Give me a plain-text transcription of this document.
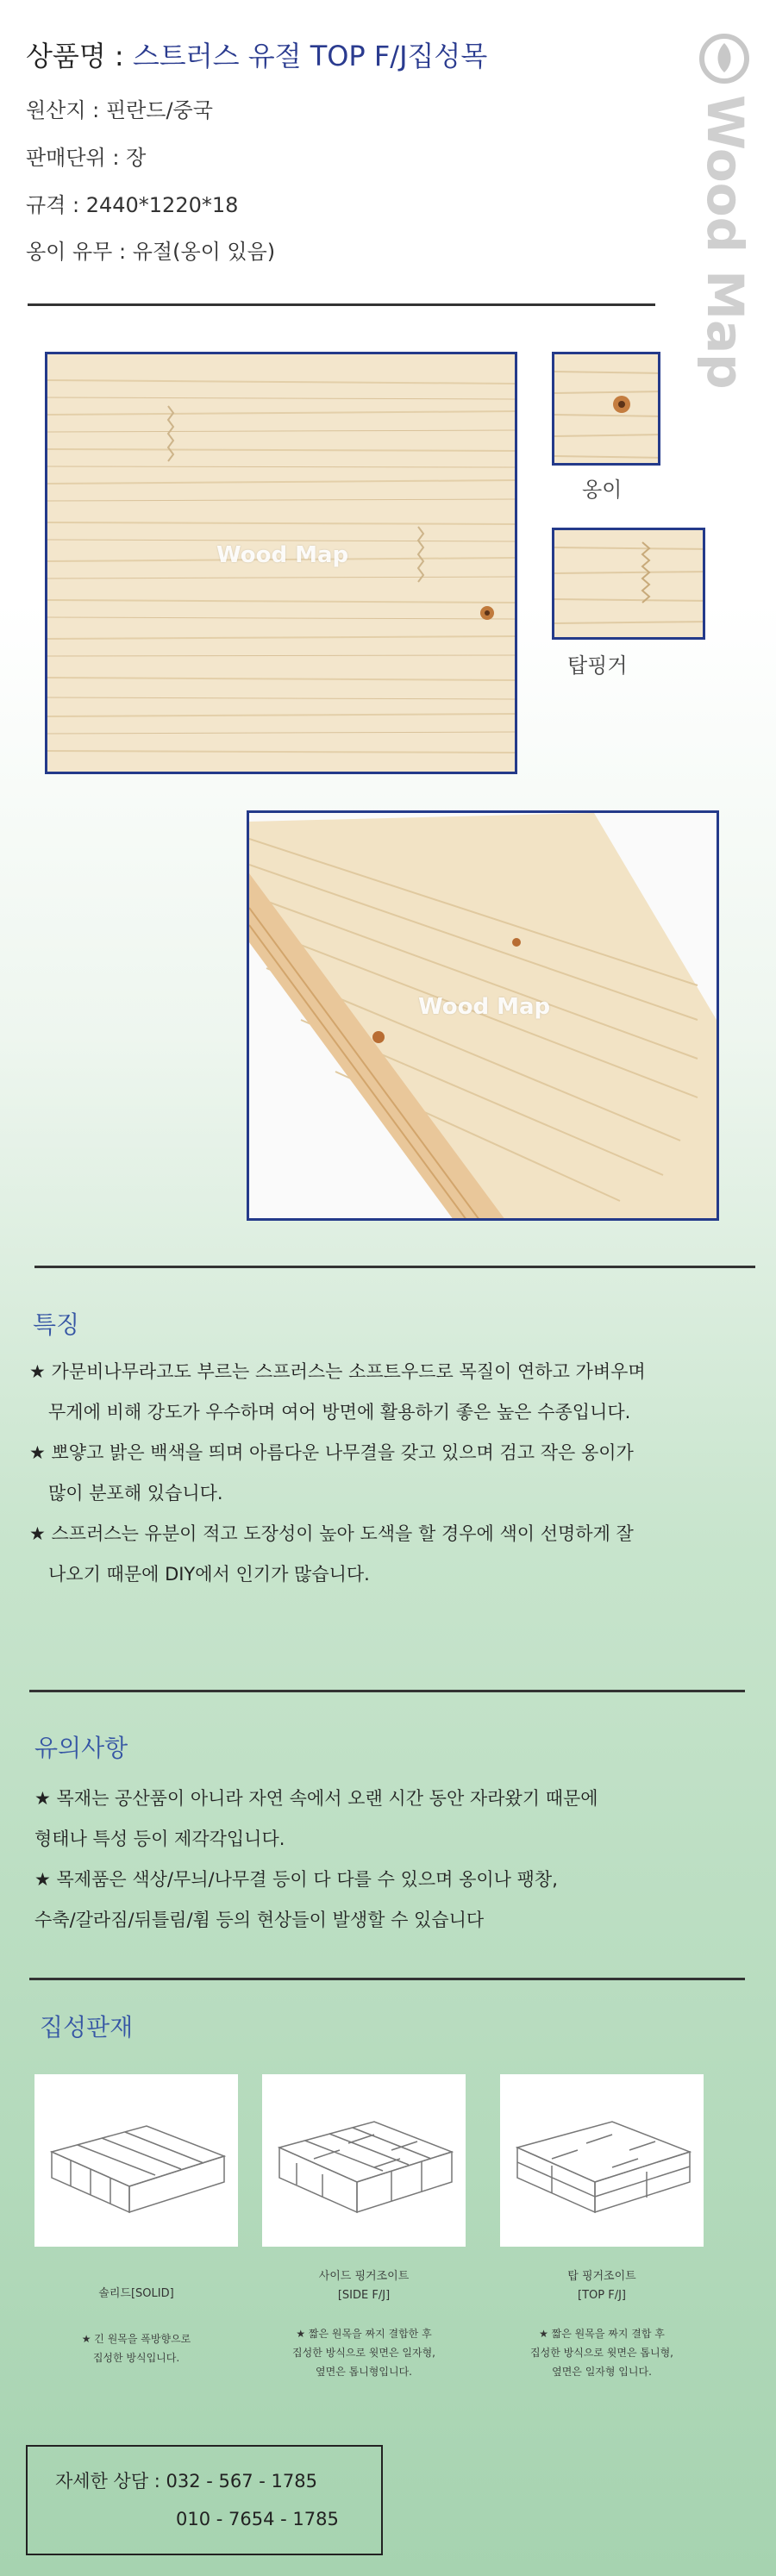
상품명 : 스트러스 유절 TOP F/J집성목
원산지 : 핀란드/중국
판매단위 : 장
규격 : 2440*1220*18
옹이 유무 : 유절(옹이 있음)	Wood Map
Wood Map
옹이
탑핑거
Wood Map
특징

★ 가문비나무라고도 부르는 스프러스는 소프트우드로 목질이 연하고 가벼우며

무게에 비해 강도가 우수하며 여어 방면에 활용하기 좋은 높은 수종입니다.

★ 뽀얗고 밝은 백색을 띄며 아름다운 나무결을 갖고 있으며 검고 작은 옹이가

많이 분포해 있습니다.

★ 스프러스는 유분이 적고 도장성이 높아 도색을 할 경우에 색이 선명하게 잘

나오기 때문에 DIY에서 인기가 많습니다.

유의사항

★ 목재는 공산품이 아니라 자연 속에서 오랜 시간 동안 자라왔기 때문에

형태나 특성 등이 제각각입니다.

★ 목제품은 색상/무늬/나무결 등이 다 다를 수 있으며 옹이나 팽창,

수축/갈라짐/뒤틀림/휨 등의 현상들이 발생할 수 있습니다

집성판재
솔리드[SOLID]
★ 긴 원목을 폭방향으로
집성한 방식입니다.
사이드 핑거조이트
[SIDE F/J]
★ 짧은 원목을 짜지 결합한 후
집성한 방식으로 윗면은 일자형,
옆면은 톱니형입니다.
탑 핑거조이트
[TOP F/J]
★ 짧은 원목을 짜지 결합 후
집성한 방식으로 윗면은 톱니형,
옆면은 일자형 입니다.
자세한 상담 : 032 - 567 - 1785
010 - 7654 - 1785
